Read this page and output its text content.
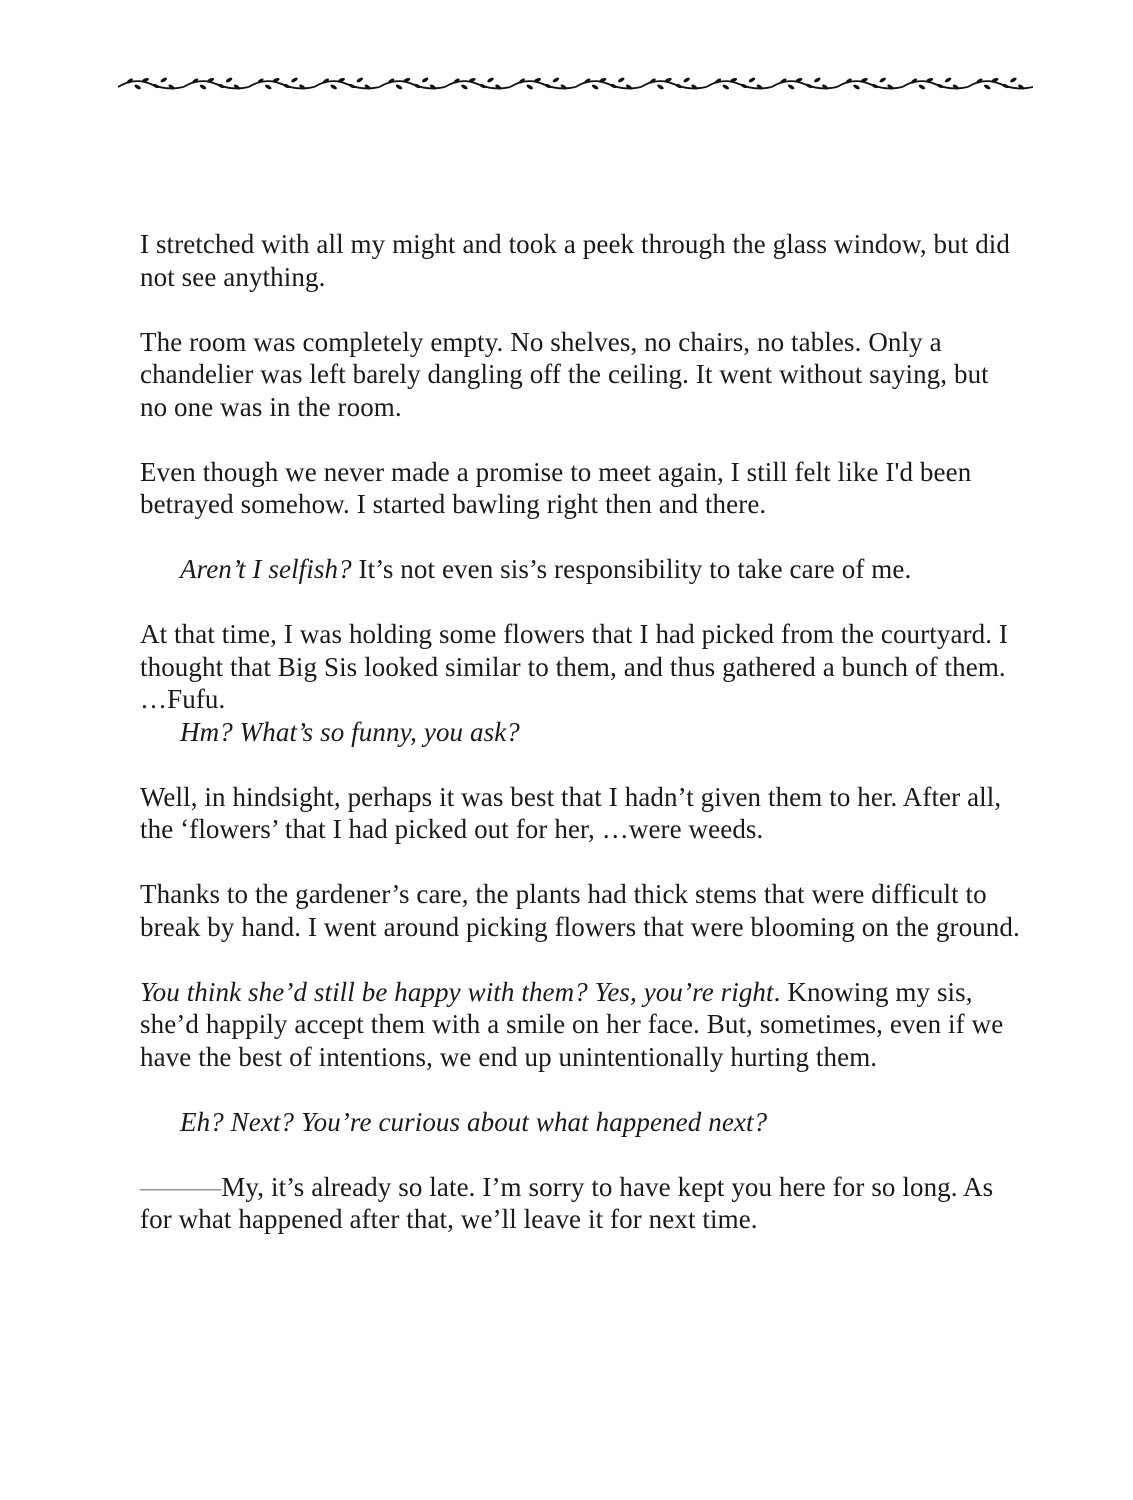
I stretched with all my might and took a peek through the glass window, but did not see anything.

The room was completely empty. No shelves, no chairs, no tables. Only a chandelier was left barely dangling off the ceiling. It went without saying, but no one was in the room.

Even though we never made a promise to meet again, I still felt like I'd been betrayed somehow. I started bawling right then and there.

Aren’t I selfish? It’s not even sis’s responsibility to take care of me.

At that time, I was holding some flowers that I had picked from the courtyard. I thought that Big Sis looked similar to them, and thus gathered a bunch of them. …Fufu.

Hm? What’s so funny, you ask?

Well, in hindsight, perhaps it was best that I hadn’t given them to her. After all, the ‘flowers’ that I had picked out for her, …were weeds.

Thanks to the gardener’s care, the plants had thick stems that were difficult to break by hand. I went around picking flowers that were blooming on the ground.

You think she’d still be happy with them? Yes, you’re right. Knowing my sis, she’d happily accept them with a smile on her face. But, sometimes, even if we have the best of intentions, we end up unintentionally hurting them.

Eh? Next? You’re curious about what happened next?

———My, it’s already so late. I’m sorry to have kept you here for so long. As for what happened after that, we’ll leave it for next time.
